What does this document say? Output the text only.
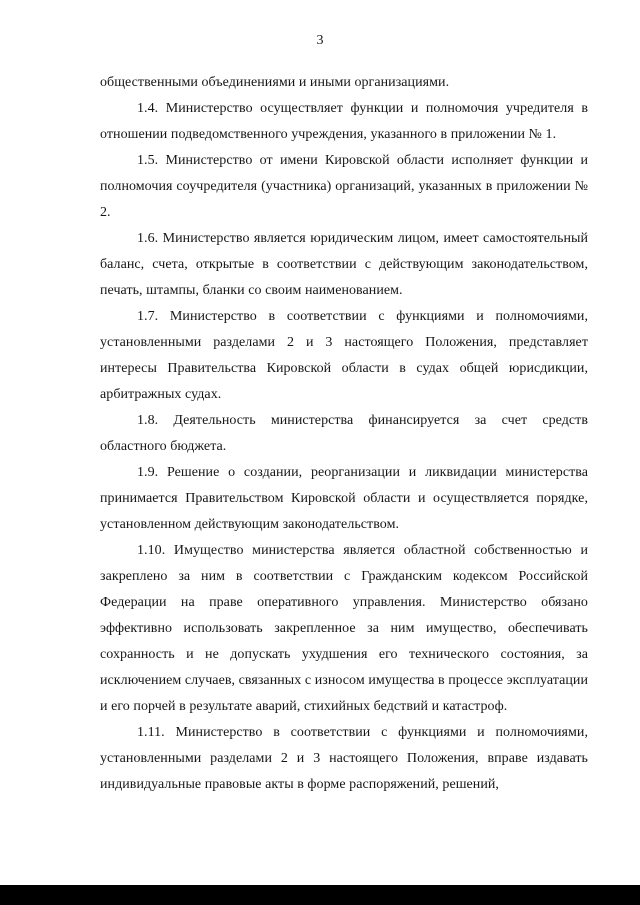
3

общественными объединениями и иными организациями.

1.4. Министерство осуществляет функции и полномочия учредителя в отношении подведомственного учреждения, указанного в приложении № 1.

1.5. Министерство от имени Кировской области исполняет функции и полномочия соучредителя (участника) организаций, указанных в приложении № 2.

1.6. Министерство является юридическим лицом, имеет самостоятельный баланс, счета, открытые в соответствии с действующим законодательством, печать, штампы, бланки со своим наименованием.

1.7. Министерство в соответствии с функциями и полномочиями, установленными разделами 2 и 3 настоящего Положения, представляет интересы Правительства Кировской области в судах общей юрисдикции, арбитражных судах.

1.8. Деятельность министерства финансируется за счет средств областного бюджета.

1.9. Решение о создании, реорганизации и ликвидации министерства принимается Правительством Кировской области и осуществляется порядке, установленном действующим законодательством.

1.10. Имущество министерства является областной собственностью и закреплено за ним в соответствии с Гражданским кодексом Российской Федерации на праве оперативного управления. Министерство обязано эффективно использовать закрепленное за ним имущество, обеспечивать сохранность и не допускать ухудшения его технического состояния, за исключением случаев, связанных с износом имущества в процессе эксплуатации и его порчей в результате аварий, стихийных бедствий и катастроф.

1.11. Министерство в соответствии с функциями и полномочиями, установленными разделами 2 и 3 настоящего Положения, вправе издавать индивидуальные правовые акты в форме распоряжений, решений,
